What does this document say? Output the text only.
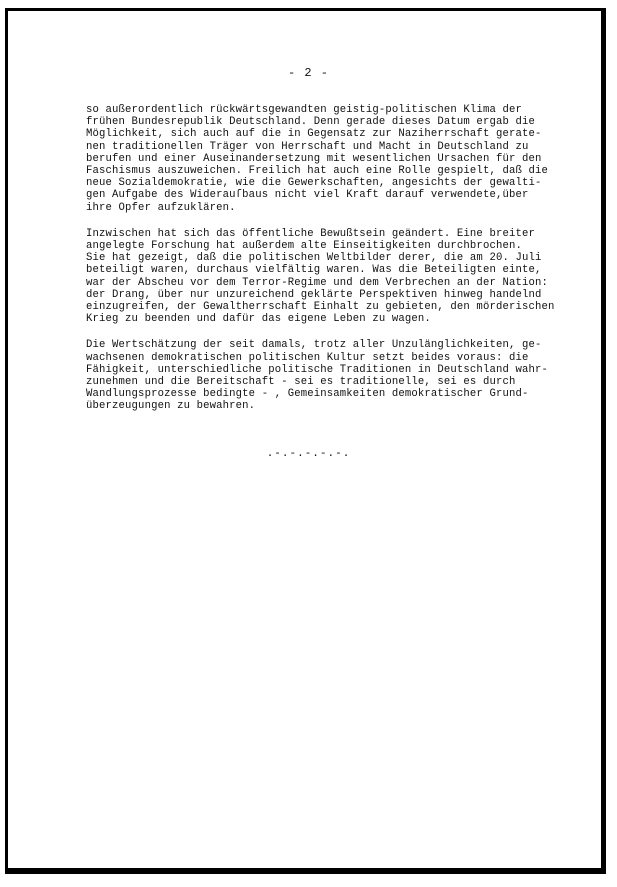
- 2 -

so außerordentlich rückwärtsgewandten geistig-politischen Klima der
frühen Bundesrepublik Deutschland. Denn gerade dieses Datum ergab die
Möglichkeit, sich auch auf die in Gegensatz zur Naziherrschaft gerate-
nen traditionellen Träger von Herrschaft und Macht in Deutschland zu
berufen und einer Auseinandersetzung mit wesentlichen Ursachen für den
Faschismus auszuweichen. Freilich hat auch eine Rolle gespielt, daß die
neue Sozialdemokratie, wie die Gewerkschaften, angesichts der gewalti-
gen Aufgabe des Widerauſbaus nicht viel Kraft darauf verwendete,über
ihre Opfer aufzuklären.

Inzwischen hat sich das öffentliche Bewußtsein geändert. Eine breiter
angelegte Forschung hat außerdem alte Einseitigkeiten durchbrochen.
Sie hat gezeigt, daß die politischen Weltbilder derer, die am 20. Juli
beteiligt waren, durchaus vielfältig waren. Was die Beteiligten einte,
war der Abscheu vor dem Terror-Regime und dem Verbrechen an der Nation:
der Drang, über nur unzureichend geklärte Perspektiven hinweg handelnd
einzugreifen, der Gewaltherrschaft Einhalt zu gebieten, den mörderischen
Krieg zu beenden und dafür das eigene Leben zu wagen.

Die Wertschätzung der seit damals, trotz aller Unzulänglichkeiten, ge-
wachsenen demokratischen politischen Kultur setzt beides voraus: die
Fähigkeit, unterschiedliche politische Traditionen in Deutschland wahr-
zunehmen und die Bereitschaft - sei es traditionelle, sei es durch
Wandlungsprozesse bedingte - , Gemeinsamkeiten demokratischer Grund-
überzeugungen zu bewahren.

.-.-.-.-.-.
